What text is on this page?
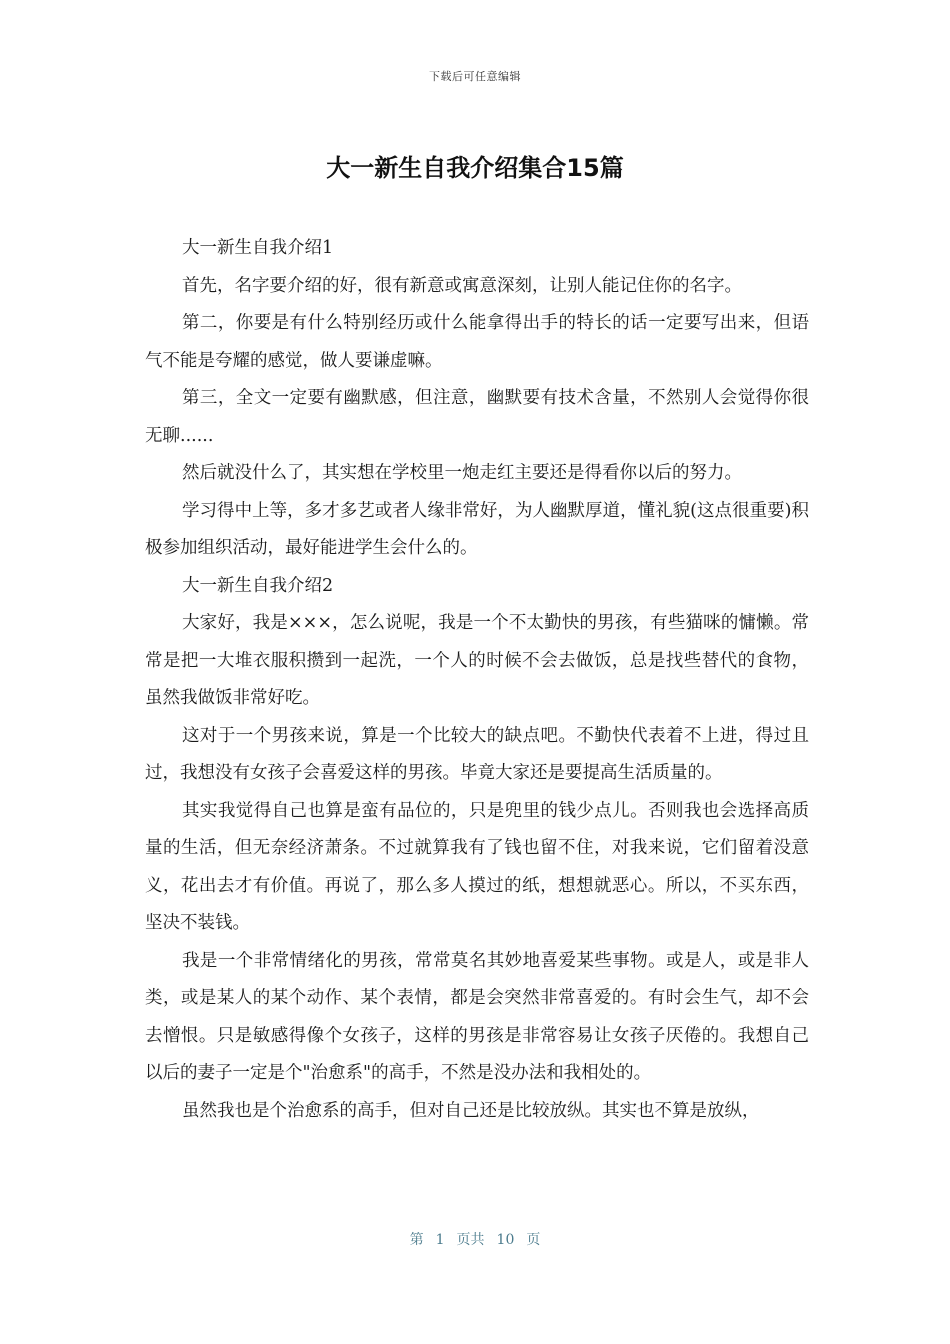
下载后可任意编辑
大一新生自我介绍集合15篇

大一新生自我介绍1

首先，名字要介绍的好，很有新意或寓意深刻，让别人能记住你的名字。

第二，你要是有什么特别经历或什么能拿得出手的特长的话一定要写出来，但语气不能是夸耀的感觉，做人要谦虚嘛。

第三，全文一定要有幽默感，但注意，幽默要有技术含量，不然别人会觉得你很无聊......

然后就没什么了，其实想在学校里一炮走红主要还是得看你以后的努力。

学习得中上等，多才多艺或者人缘非常好，为人幽默厚道，懂礼貌(这点很重要)积极参加组织活动，最好能进学生会什么的。

大一新生自我介绍2

大家好，我是×××，怎么说呢，我是一个不太勤快的男孩，有些猫咪的慵懒。常常是把一大堆衣服积攒到一起洗，一个人的时候不会去做饭，总是找些替代的食物，虽然我做饭非常好吃。

这对于一个男孩来说，算是一个比较大的缺点吧。不勤快代表着不上进，得过且过，我想没有女孩子会喜爱这样的男孩。毕竟大家还是要提高生活质量的。

其实我觉得自己也算是蛮有品位的，只是兜里的钱少点儿。否则我也会选择高质量的生活，但无奈经济萧条。不过就算我有了钱也留不住，对我来说，它们留着没意义，花出去才有价值。再说了，那么多人摸过的纸，想想就恶心。所以，不买东西，坚决不装钱。

我是一个非常情绪化的男孩，常常莫名其妙地喜爱某些事物。或是人，或是非人类，或是某人的某个动作、某个表情，都是会突然非常喜爱的。有时会生气，却不会去憎恨。只是敏感得像个女孩子，这样的男孩是非常容易让女孩子厌倦的。我想自己以后的妻子一定是个"治愈系"的高手，不然是没办法和我相处的。

虽然我也是个治愈系的高手，但对自己还是比较放纵。其实也不算是放纵，

第 1 页共 10 页
